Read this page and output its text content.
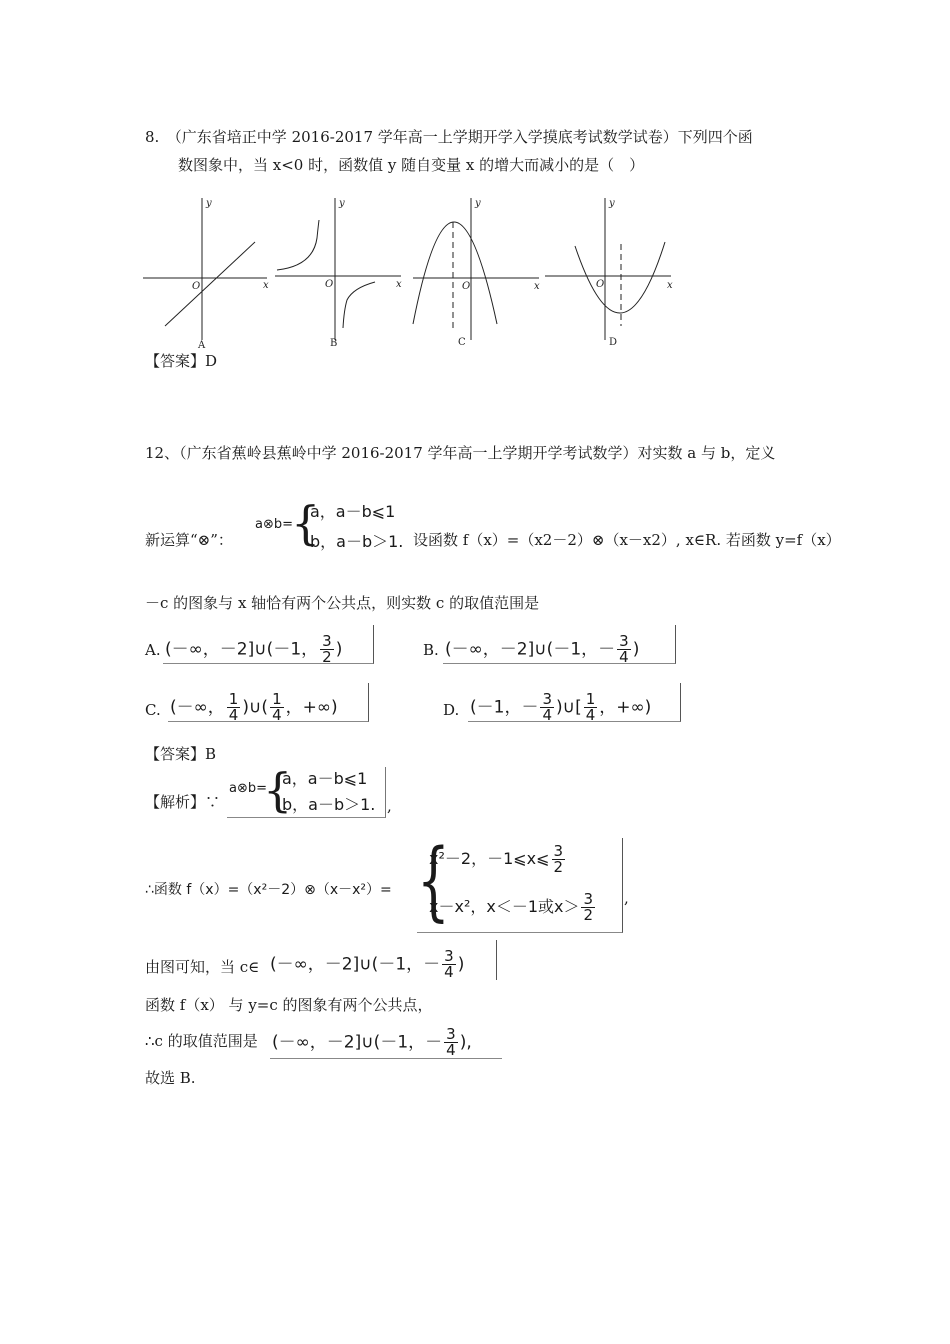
8.　（广东省培正中学 2016-2017 学年高一上学期开学入学摸底考试数学试卷）下列四个函
数图象中，当 x<0 时，函数值 y 随自变量 x 的增大而减小的是（　）
x
y
O
A
x
y
O
B
x
y
O
C
x
y
O
D
【答案】D
12、（广东省蕉岭县蕉岭中学 2016-2017 学年高一上学期开学考试数学）对实数 a 与 b，定义
新运算“⊗”：
a⊗b=
{
a，a－b⩽1
b，a－b＞1. 设函数 f（x）=（x2－2）⊗（x－x2）, x∈R. 若函数 y=f（x）
－c 的图象与 x 轴恰有两个公共点，则实数 c 的取值范围是
A. (－∞，－2]∪(－1， $\frac{3}{2}$ )	B. (－∞，－2]∪(－1，－ $\frac{3}{4}$ )
C. (－∞， $\frac{1}{4}$ )∪( $\frac{1}{4}$ ，+∞)	D. (－1，－ $\frac{3}{4}$ )∪[ $\frac{1}{4}$ ，+∞)
【答案】B
【解析】∵
a⊗b=
{
a，a－b⩽1
b，a－b＞1. ,
∴函数 f（x）=（x²－2）⊗（x－x²）= {
x²－2，－1⩽x⩽ $\frac{3}{2}$
x－x²，x＜－1或$x> \frac{3}{2}$ ,
由图可知，当 c∈ (－∞，－2]∪(－1，－ $\frac{3}{4}$ )
函数 f（x） 与 y=c 的图象有两个公共点，
∴c 的取值范围是 (－∞，－2]∪(－1，－ $\frac{3}{4}$ ),
故选 B.
